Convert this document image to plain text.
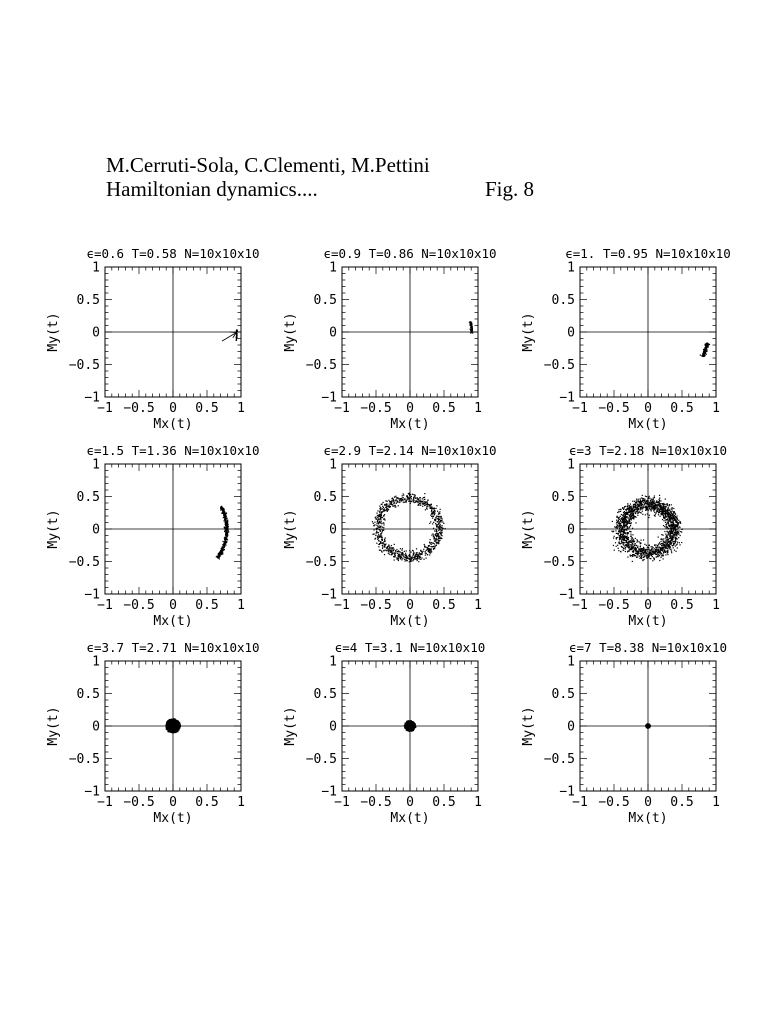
M.Cerruti-Sola, C.Clementi, M.Pettini
Hamiltonian dynamics....	Fig. 8
−1 −0.5 0 0.5 1
−1
−0.5
0
0.5
1
Mx(t)
My(t)
ϵ=0.6 T=0.58 N=10x10x10
−1 −0.5 0 0.5 1
−1
−0.5
0
0.5
1
Mx(t)
My(t)
ϵ=0.9 T=0.86 N=10x10x10
−1 −0.5 0 0.5 1
−1
−0.5
0
0.5
1
Mx(t)
My(t)
ϵ=1. T=0.95 N=10x10x10
−1 −0.5 0 0.5 1
−1
−0.5
0
0.5
1
Mx(t)
My(t)
ϵ=1.5 T=1.36 N=10x10x10
−1 −0.5 0 0.5 1
−1
−0.5
0
0.5
1
Mx(t)
My(t)
ϵ=2.9 T=2.14 N=10x10x10
−1 −0.5 0 0.5 1
−1
−0.5
0
0.5
1
Mx(t)
My(t)
ϵ=3 T=2.18 N=10x10x10
−1 −0.5 0 0.5 1
−1
−0.5
0
0.5
1
Mx(t)
My(t)
ϵ=3.7 T=2.71 N=10x10x10
−1 −0.5 0 0.5 1
−1
−0.5
0
0.5
1
Mx(t)
My(t)
ϵ=4 T=3.1 N=10x10x10
−1 −0.5 0 0.5 1
−1
−0.5
0
0.5
1
Mx(t)
My(t)
ϵ=7 T=8.38 N=10x10x10
